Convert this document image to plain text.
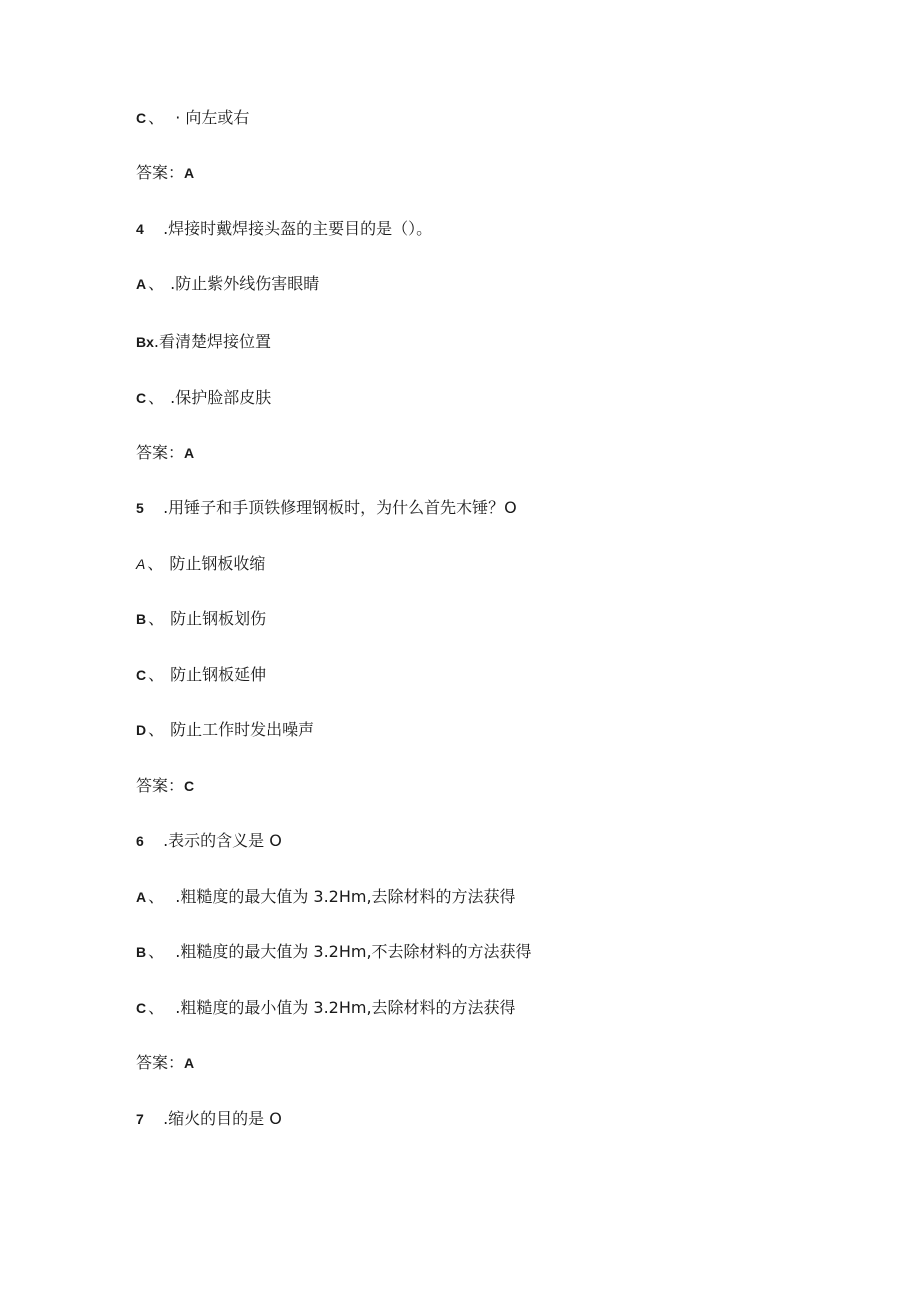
C 、 · 向左或右

答案：A

4 .焊接时戴焊接头盔的主要目的是（）。

A 、 .防止紫外线伤害眼睛

Bx.看清楚焊接位置

C 、 .保护脸部皮肤

答案：A

5 .用锤子和手顶铁修理钢板时，为什么首先木锤？O

A 、 防止钢板收缩

B 、 防止钢板划伤

C 、 防止钢板延伸

D 、 防止工作时发出噪声

答案：C

6 .表示的含义是 O

A 、 .粗糙度的最大值为 3.2Hm,去除材料的方法获得

B 、 .粗糙度的最大值为 3.2Hm,不去除材料的方法获得

C 、 .粗糙度的最小值为 3.2Hm,去除材料的方法获得

答案：A

7 .缩火的目的是 O
